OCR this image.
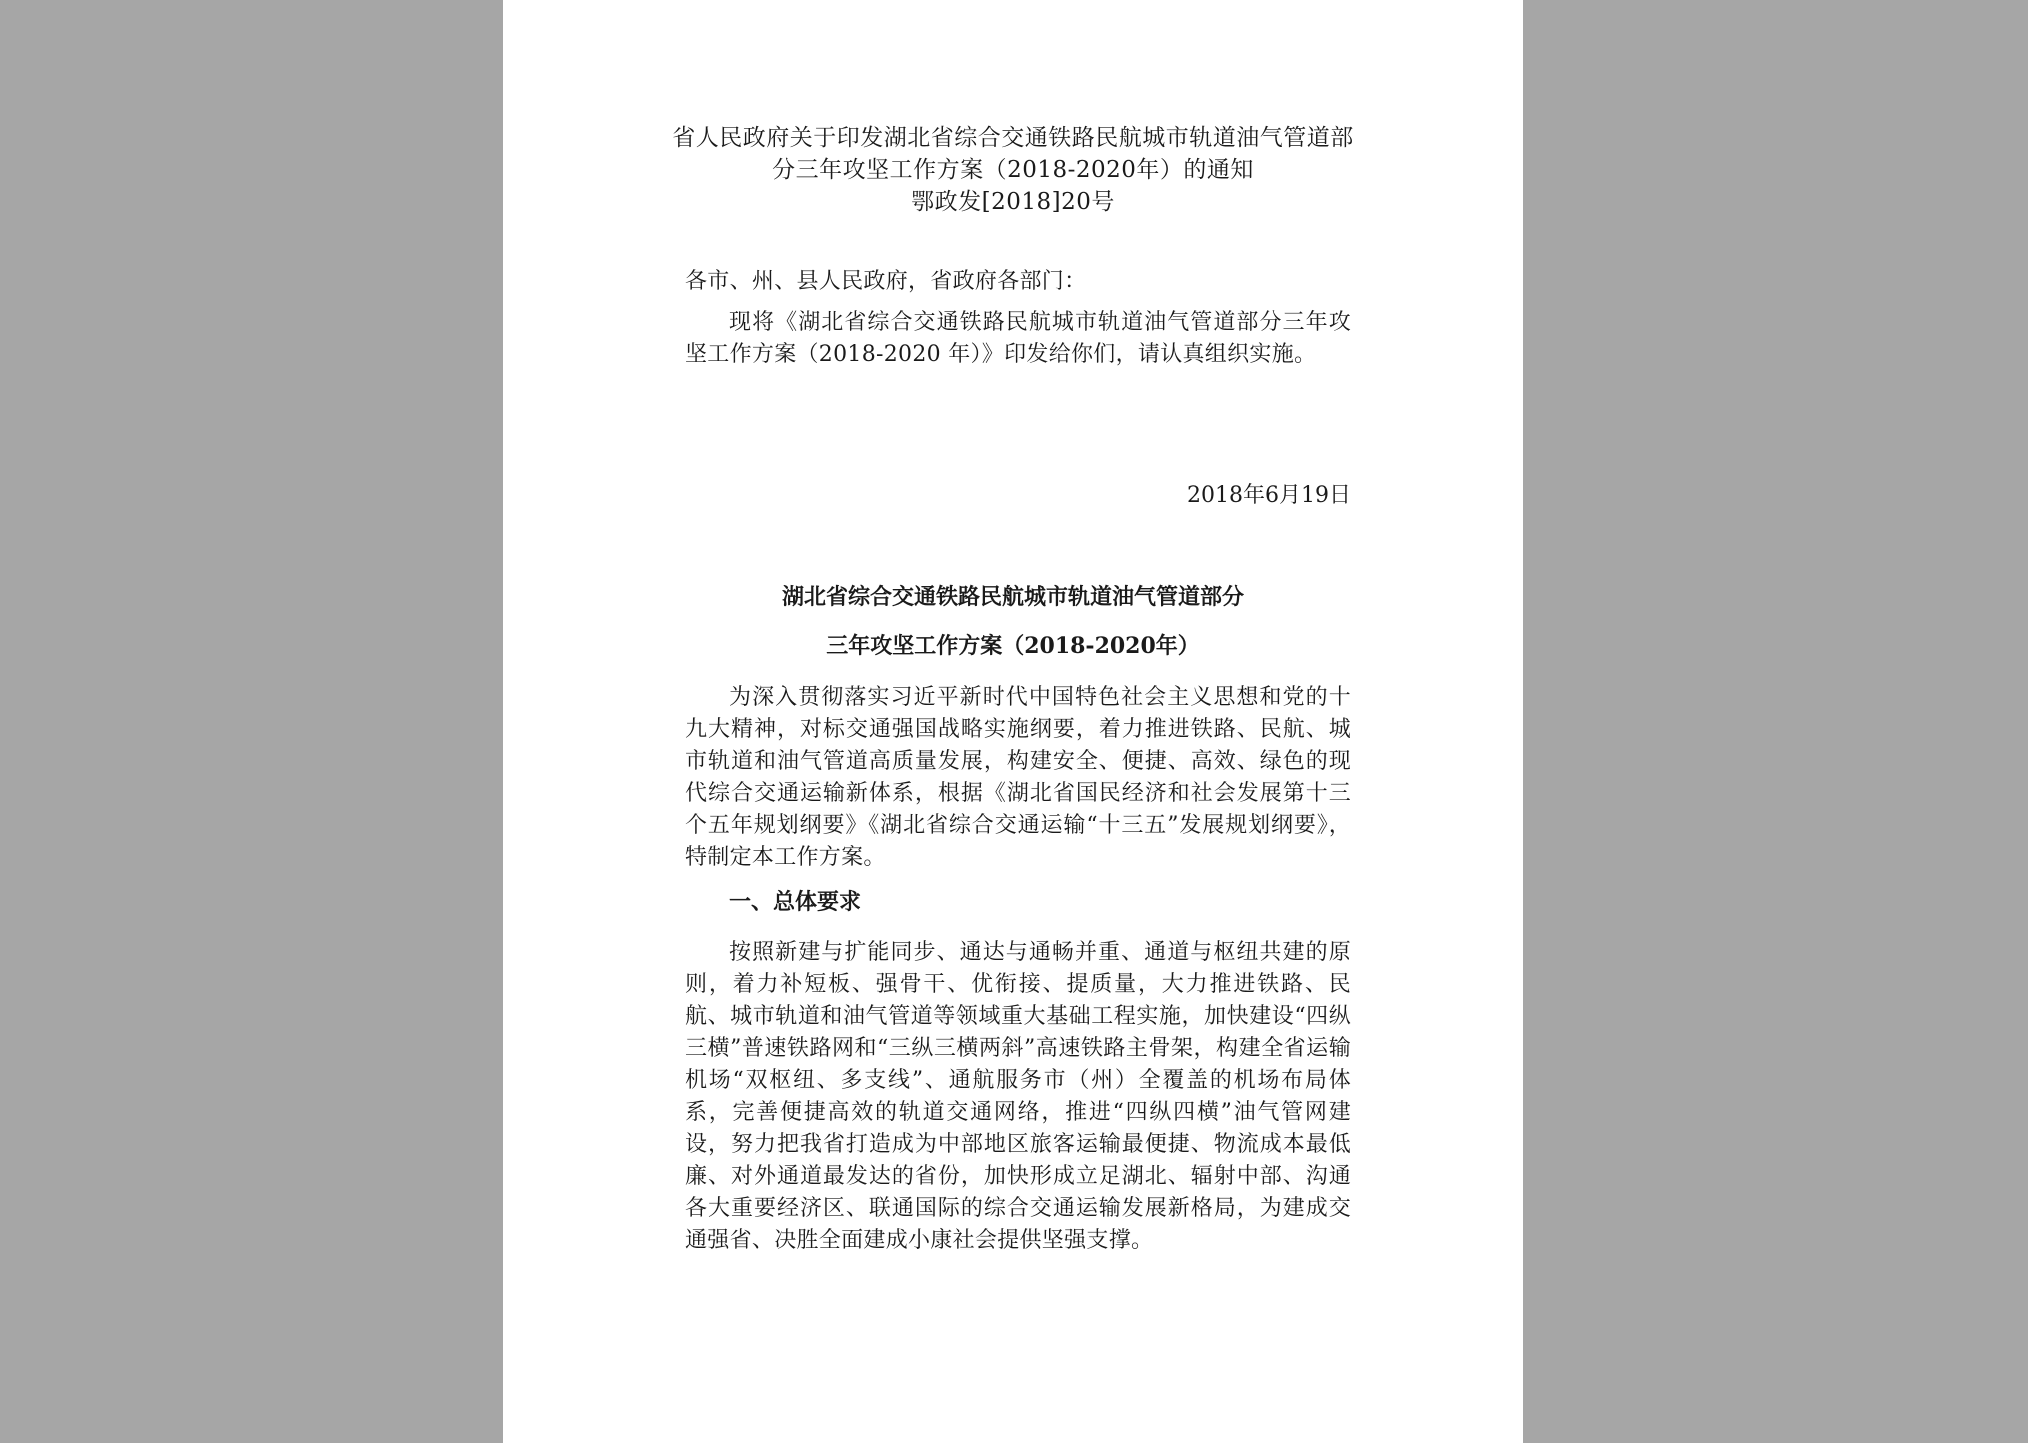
省人民政府关于印发湖北省综合交通铁路民航城市轨道油气管道部
分三年攻坚工作方案（2018-2020年）的通知
鄂政发[2018]20号
各市、州、县人民政府，省政府各部门：
现将《湖北省综合交通铁路民航城市轨道油气管道部分三年攻坚工作方案（2018-2020 年）》印发给你们，请认真组织实施。
2018年6月19日
湖北省综合交通铁路民航城市轨道油气管道部分
三年攻坚工作方案（2018-2020年）
为深入贯彻落实习近平新时代中国特色社会主义思想和党的十九大精神，对标交通强国战略实施纲要，着力推进铁路、民航、城市轨道和油气管道高质量发展，构建安全、便捷、高效、绿色的现代综合交通运输新体系，根据《湖北省国民经济和社会发展第十三个五年规划纲要》《湖北省综合交通运输“十三五”发展规划纲要》，特制定本工作方案。
一、总体要求
按照新建与扩能同步、通达与通畅并重、通道与枢纽共建的原则，着力补短板、强骨干、优衔接、提质量，大力推进铁路、民航、城市轨道和油气管道等领域重大基础工程实施，加快建设“四纵三横”普速铁路网和“三纵三横两斜”高速铁路主骨架，构建全省运输机场“双枢纽、多支线”、通航服务市（州）全覆盖的机场布局体系，完善便捷高效的轨道交通网络，推进“四纵四横”油气管网建设，努力把我省打造成为中部地区旅客运输最便捷、物流成本最低廉、对外通道最发达的省份，加快形成立足湖北、辐射中部、沟通各大重要经济区、联通国际的综合交通运输发展新格局，为建成交通强省、决胜全面建成小康社会提供坚强支撑。
